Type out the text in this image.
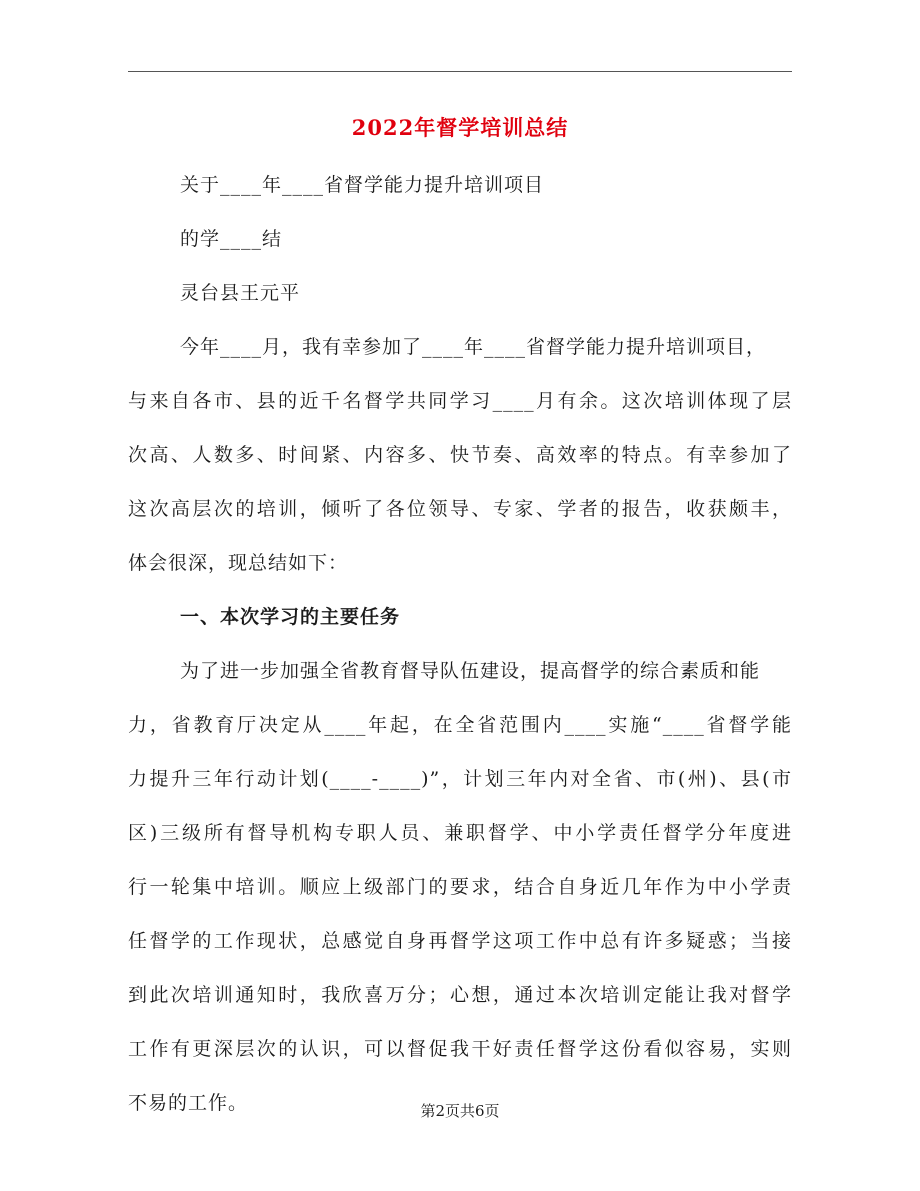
2022年督学培训总结
关于____年____省督学能力提升培训项目
的学____结
灵台县王元平
今年____月，我有幸参加了____年____省督学能力提升培训项目，
与来自各市、县的近千名督学共同学习____月有余。这次培训体现了层
次高、人数多、时间紧、内容多、快节奏、高效率的特点。有幸参加了
这次高层次的培训，倾听了各位领导、专家、学者的报告，收获颇丰，
体会很深，现总结如下：
一、本次学习的主要任务
为了进一步加强全省教育督导队伍建设，提高督学的综合素质和能
力，省教育厅决定从____年起，在全省范围内____实施“____省督学能
力提升三年行动计划(____-____)”，计划三年内对全省、市(州)、县(市
区)三级所有督导机构专职人员、兼职督学、中小学责任督学分年度进
行一轮集中培训。顺应上级部门的要求，结合自身近几年作为中小学责
任督学的工作现状，总感觉自身再督学这项工作中总有许多疑惑；当接
到此次培训通知时，我欣喜万分；心想，通过本次培训定能让我对督学
工作有更深层次的认识，可以督促我干好责任督学这份看似容易，实则
不易的工作。	第2页共6页
